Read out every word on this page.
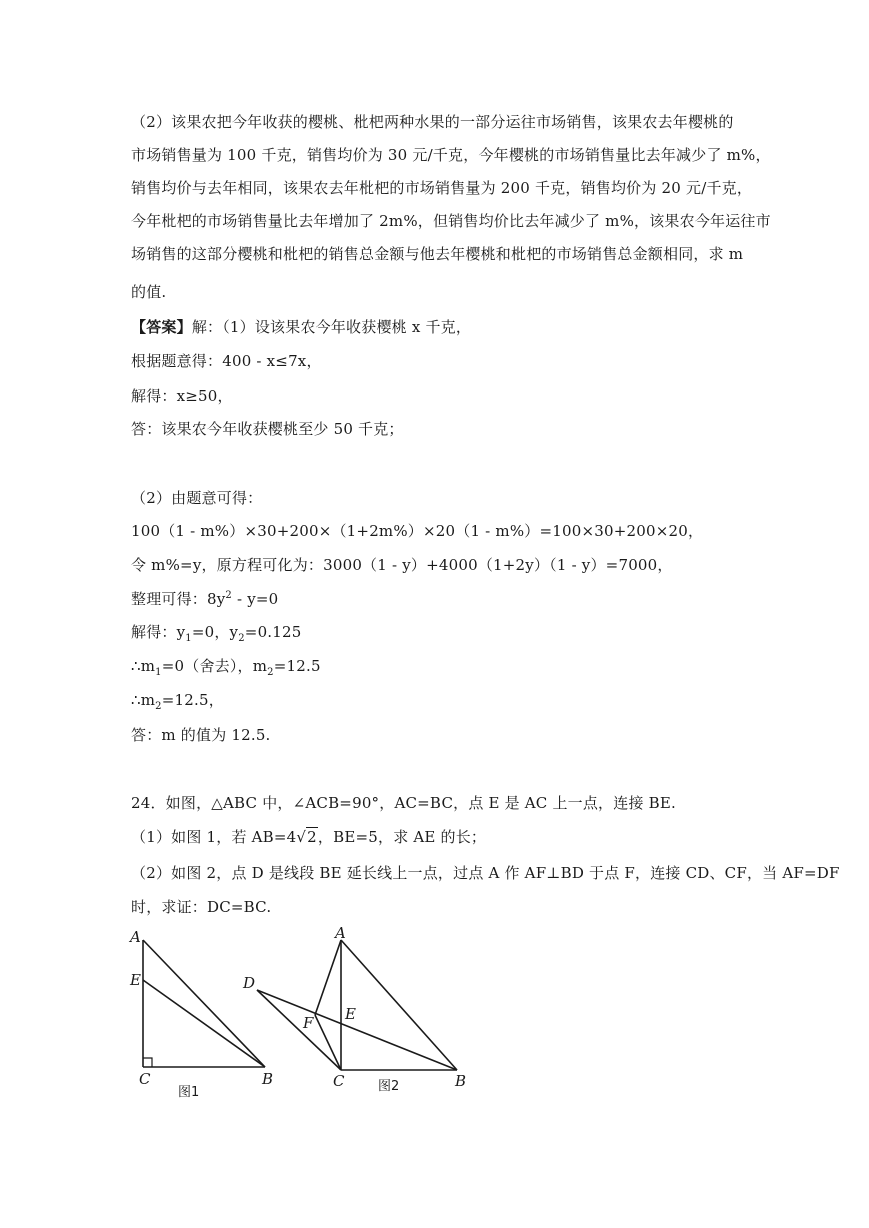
（2）该果农把今年收获的樱桃、枇杷两种水果的一部分运往市场销售，该果农去年樱桃的
市场销售量为 100 千克，销售均价为 30 元/千克，今年樱桃的市场销售量比去年减少了 m%，
销售均价与去年相同，该果农去年枇杷的市场销售量为 200 千克，销售均价为 20 元/千克，
今年枇杷的市场销售量比去年增加了 2m%，但销售均价比去年减少了 m%，该果农今年运往市
场销售的这部分樱桃和枇杷的销售总金额与他去年樱桃和枇杷的市场销售总金额相同，求 m
的值.
【答案】解：（1）设该果农今年收获樱桃 x 千克，
根据题意得：400 - x≤7x，
解得：x≥50，
答：该果农今年收获樱桃至少 50 千克；
（2）由题意可得：
100（1 - m%）×30+200×（1+2m%）×20（1 - m%）=100×30+200×20，
令 m%=y，原方程可化为：3000（1 - y）+4000（1+2y）（1 - y）=7000，
整理可得：$8y^2 - y=0$
解得：$y_1=0$，$y_2=0.125$
$\therefore m_1=0$（舍去），$m_2=12.5$
$\therefore m_2=12.5$，
答：m 的值为 12.5.
24．如图，△ABC 中，∠ACB=90°，AC=BC，点 E 是 AC 上一点，连接 BE.
（1）如图 1，若 AB=4√2，BE=5，求 AE 的长；
（2）如图 2，点 D 是线段 BE 延长线上一点，过点 A 作 AF⊥BD 于点 F，连接 CD、CF，当 AF=DF
时，求证：DC=BC.
A
E
C	B
图1
A
D
F E
C	B
图2
